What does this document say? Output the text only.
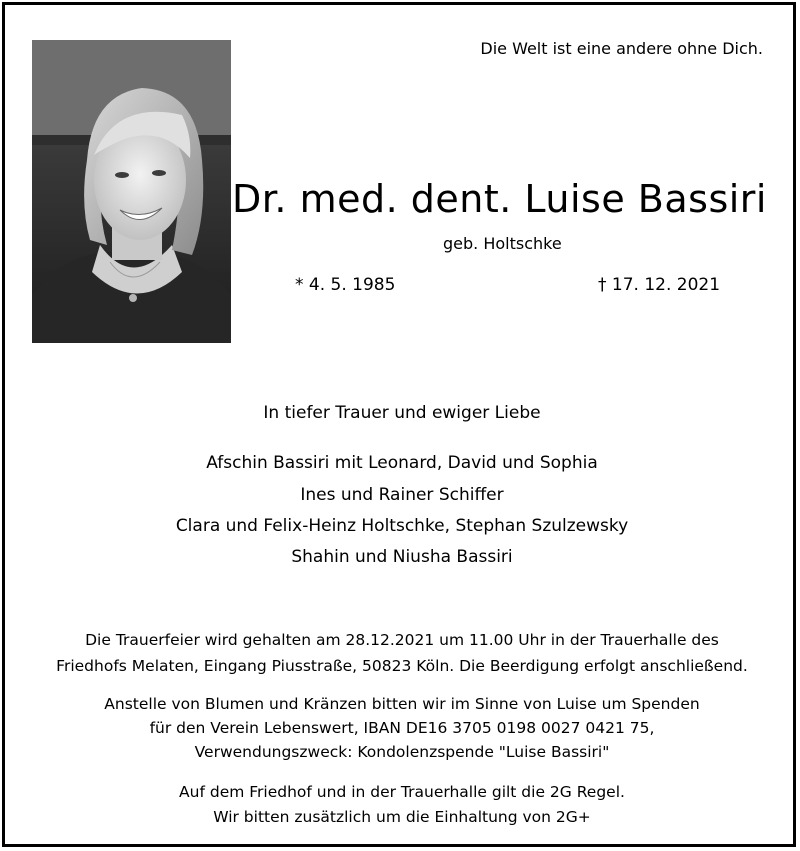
Die Welt ist eine andere ohne Dich.
Dr. med. dent. Luise Bassiri
geb. Holtschke
* 4. 5. 1985	† 17. 12. 2021
In tiefer Trauer und ewiger Liebe
Afschin Bassiri mit Leonard, David und Sophia
Ines und Rainer Schiffer
Clara und Felix-Heinz Holtschke, Stephan Szulzewsky
Shahin und Niusha Bassiri
Die Trauerfeier wird gehalten am 28.12.2021 um 11.00 Uhr in der Trauerhalle des
Friedhofs Melaten, Eingang Piusstraße, 50823 Köln. Die Beerdigung erfolgt anschließend.
Anstelle von Blumen und Kränzen bitten wir im Sinne von Luise um Spenden
für den Verein Lebenswert, IBAN DE16 3705 0198 0027 0421 75,
Verwendungszweck: Kondolenzspende "Luise Bassiri"
Auf dem Friedhof und in der Trauerhalle gilt die 2G Regel.
Wir bitten zusätzlich um die Einhaltung von 2G+
